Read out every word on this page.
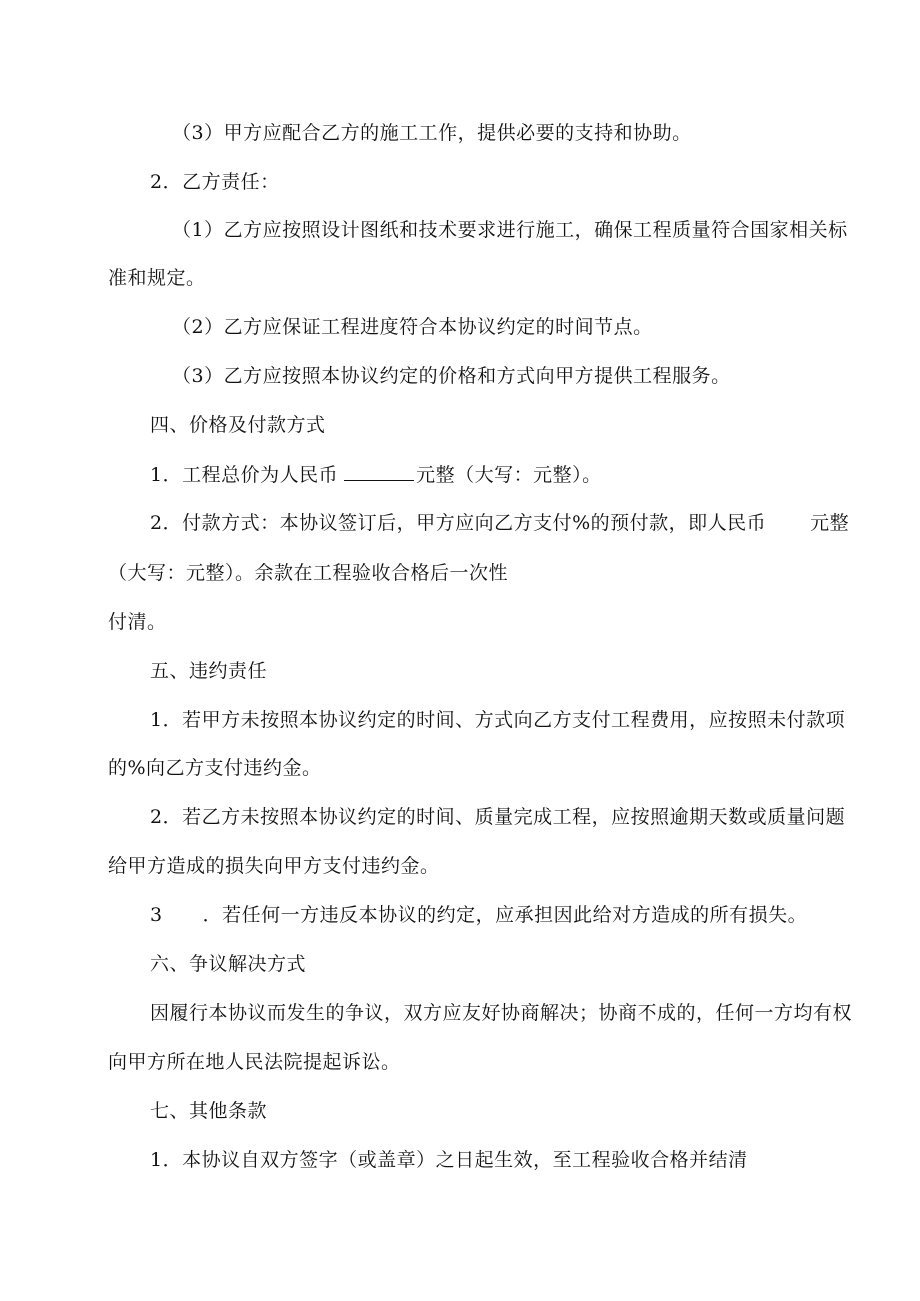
（3）甲方应配合乙方的施工工作，提供必要的支持和协助。
2．乙方责任：
（1）乙方应按照设计图纸和技术要求进行施工，确保工程质量符合国家相关标
准和规定。
（2）乙方应保证工程进度符合本协议约定的时间节点。
（3）乙方应按照本协议约定的价格和方式向甲方提供工程服务。
四、价格及付款方式
1．工程总价为人民币	元整（大写：元整）。
2．付款方式：本协议签订后，甲方应向乙方支付%的预付款，即人民币 元整
（大写：元整）。余款在工程验收合格后一次性
付清。
五、违约责任
1．若甲方未按照本协议约定的时间、方式向乙方支付工程费用，应按照未付款项
的%向乙方支付违约金。
2．若乙方未按照本协议约定的时间、质量完成工程，应按照逾期天数或质量问题
给甲方造成的损失向甲方支付违约金。
3 ．若任何一方违反本协议的约定，应承担因此给对方造成的所有损失。
六、争议解决方式
因履行本协议而发生的争议，双方应友好协商解决；协商不成的，任何一方均有权
向甲方所在地人民法院提起诉讼。
七、其他条款
1．本协议自双方签字（或盖章）之日起生效，至工程验收合格并结清
